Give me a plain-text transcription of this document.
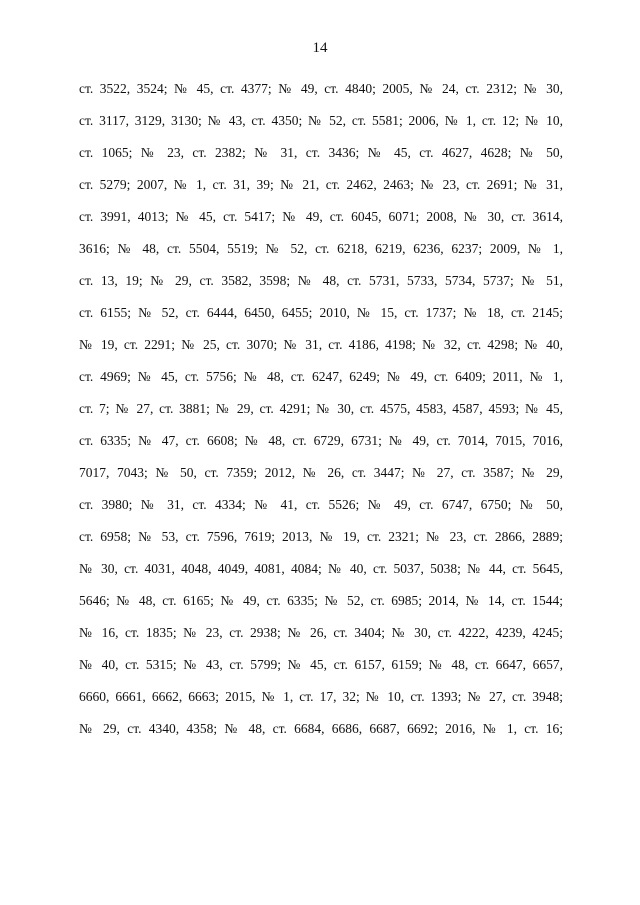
14
ст. 3522, 3524; № 45, ст. 4377; № 49, ст. 4840; 2005, № 24, ст. 2312; № 30,
ст. 3117, 3129, 3130; № 43, ст. 4350; № 52, ст. 5581; 2006, № 1, ст. 12; № 10,
ст. 1065; № 23, ст. 2382; № 31, ст. 3436; № 45, ст. 4627, 4628; № 50,
ст. 5279; 2007, № 1, ст. 31, 39; № 21, ст. 2462, 2463; № 23, ст. 2691; № 31,
ст. 3991, 4013; № 45, ст. 5417; № 49, ст. 6045, 6071; 2008, № 30, ст. 3614,
3616; № 48, ст. 5504, 5519; № 52, ст. 6218, 6219, 6236, 6237; 2009, № 1,
ст. 13, 19; № 29, ст. 3582, 3598; № 48, ст. 5731, 5733, 5734, 5737; № 51,
ст. 6155; № 52, ст. 6444, 6450, 6455; 2010, № 15, ст. 1737; № 18, ст. 2145;
№ 19, ст. 2291; № 25, ст. 3070; № 31, ст. 4186, 4198; № 32, ст. 4298; № 40,
ст. 4969; № 45, ст. 5756; № 48, ст. 6247, 6249; № 49, ст. 6409; 2011, № 1,
ст. 7; № 27, ст. 3881; № 29, ст. 4291; № 30, ст. 4575, 4583, 4587, 4593; № 45,
ст. 6335; № 47, ст. 6608; № 48, ст. 6729, 6731; № 49, ст. 7014, 7015, 7016,
7017, 7043; № 50, ст. 7359; 2012, № 26, ст. 3447; № 27, ст. 3587; № 29,
ст. 3980; № 31, ст. 4334; № 41, ст. 5526; № 49, ст. 6747, 6750; № 50,
ст. 6958; № 53, ст. 7596, 7619; 2013, № 19, ст. 2321; № 23, ст. 2866, 2889;
№ 30, ст. 4031, 4048, 4049, 4081, 4084; № 40, ст. 5037, 5038; № 44, ст. 5645,
5646; № 48, ст. 6165; № 49, ст. 6335; № 52, ст. 6985; 2014, № 14, ст. 1544;
№ 16, ст. 1835; № 23, ст. 2938; № 26, ст. 3404; № 30, ст. 4222, 4239, 4245;
№ 40, ст. 5315; № 43, ст. 5799; № 45, ст. 6157, 6159; № 48, ст. 6647, 6657,
6660, 6661, 6662, 6663; 2015, № 1, ст. 17, 32; № 10, ст. 1393; № 27, ст. 3948;
№ 29, ст. 4340, 4358; № 48, ст. 6684, 6686, 6687, 6692; 2016, № 1, ст. 16;
